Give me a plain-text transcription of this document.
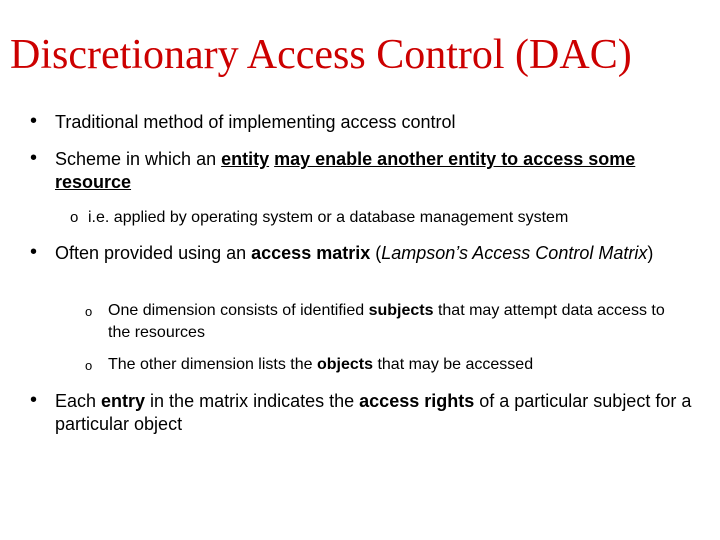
Discretionary Access Control (DAC)
• Traditional method of implementing access control
• Scheme in which an entity may enable another entity to access some resource
o i.e. applied by operating system or a database management system
• Often provided using an access matrix (Lampson’s Access Control Matrix)
o One dimension consists of identified subjects that may attempt data access to the resources
o The other dimension lists the objects that may be accessed
• Each entry in the matrix indicates the access rights of a particular subject for a particular object
